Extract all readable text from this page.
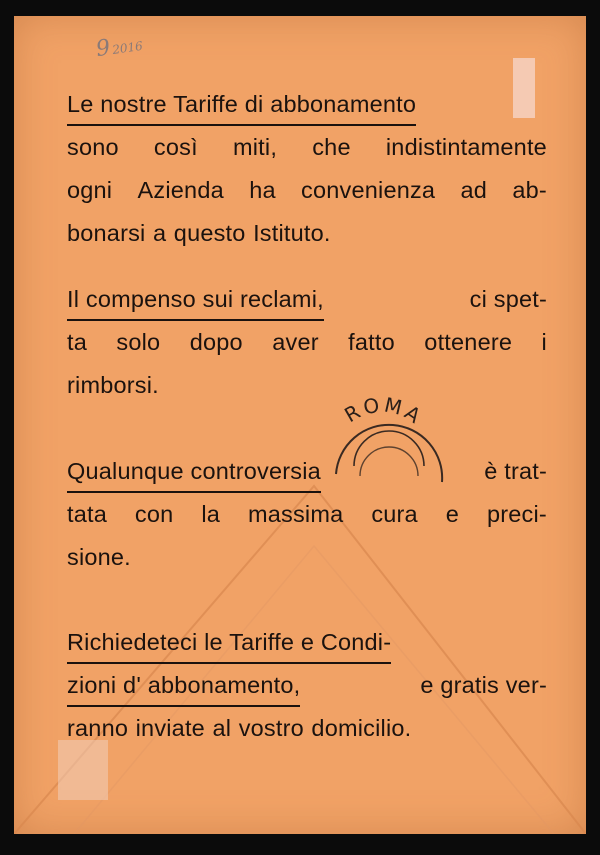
92016
ROMA
Le nostre Tariffe di abbonamento
sono così miti, che indistintamente
ogni Azienda ha convenienza ad ab-
bonarsi a questo Istituto.
Il compenso sui reclami,	ci spet-
ta solo dopo aver fatto ottenere i
rimborsi.
Qualunque controversia	è trat-
tata con la massima cura e preci-
sione.
Richiedeteci le Tariffe e Condi-
zioni d' abbonamento,	e gratis ver-
ranno inviate al vostro domicilio.
